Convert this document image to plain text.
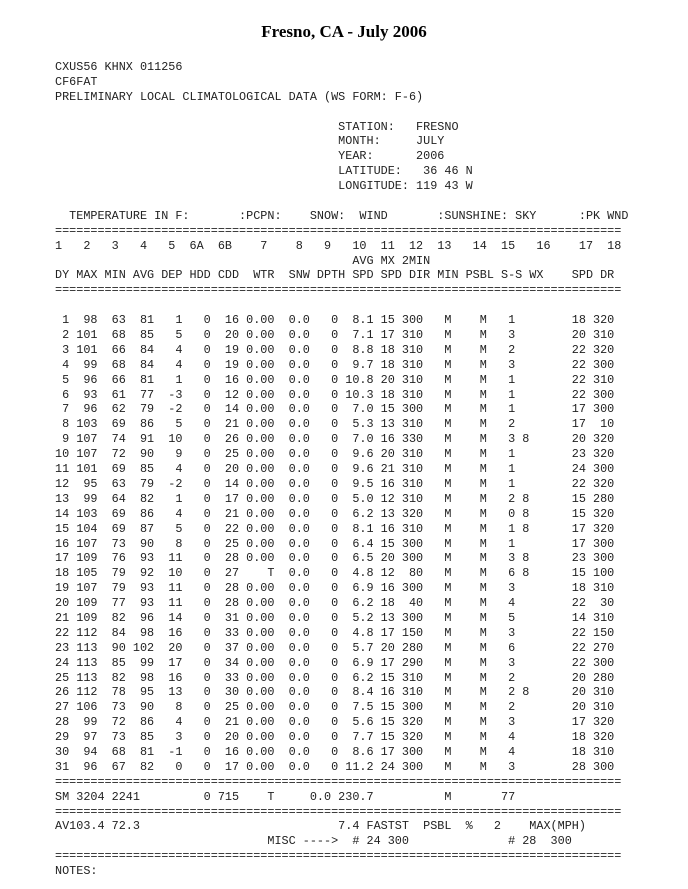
Fresno, CA - July 2006
CXUS56 KHNX 011256
CF6FAT
PRELIMINARY LOCAL CLIMATOLOGICAL DATA (WS FORM: F-6)
STATION:   FRESNO
MONTH:     JULY
YEAR:      2006
LATITUDE:   36 46 N
LONGITUDE: 119 43 W
TEMPERATURE IN F:       :PCPN:    SNOW:  WIND       :SUNSHINE: SKY      :PK WND
================================================================================
1   2   3   4   5  6A  6B    7    8   9   10  11  12  13   14  15   16    17  18
AVG MX 2MIN
DY MAX MIN AVG DEP HDD CDD  WTR  SNW DPTH SPD SPD DIR MIN PSBL S-S WX    SPD DR
================================================================================
1  98  63  81   1   0  16 0.00  0.0   0  8.1 15 300   M    M   1        18 320
2 101  68  85   5   0  20 0.00  0.0   0  7.1 17 310   M    M   3        20 310
3 101  66  84   4   0  19 0.00  0.0   0  8.8 18 310   M    M   2        22 320
4  99  68  84   4   0  19 0.00  0.0   0  9.7 18 310   M    M   3        22 300
5  96  66  81   1   0  16 0.00  0.0   0 10.8 20 310   M    M   1        22 310
6  93  61  77  -3   0  12 0.00  0.0   0 10.3 18 310   M    M   1        22 300
7  96  62  79  -2   0  14 0.00  0.0   0  7.0 15 300   M    M   1        17 300
8 103  69  86   5   0  21 0.00  0.0   0  5.3 13 310   M    M   2        17  10
9 107  74  91  10   0  26 0.00  0.0   0  7.0 16 330   M    M   3 8      20 320
10 107  72  90   9   0  25 0.00  0.0   0  9.6 20 310   M    M   1        23 320
11 101  69  85   4   0  20 0.00  0.0   0  9.6 21 310   M    M   1        24 300
12  95  63  79  -2   0  14 0.00  0.0   0  9.5 16 310   M    M   1        22 320
13  99  64  82   1   0  17 0.00  0.0   0  5.0 12 310   M    M   2 8      15 280
14 103  69  86   4   0  21 0.00  0.0   0  6.2 13 320   M    M   0 8      15 320
15 104  69  87   5   0  22 0.00  0.0   0  8.1 16 310   M    M   1 8      17 320
16 107  73  90   8   0  25 0.00  0.0   0  6.4 15 300   M    M   1        17 300
17 109  76  93  11   0  28 0.00  0.0   0  6.5 20 300   M    M   3 8      23 300
18 105  79  92  10   0  27    T  0.0   0  4.8 12  80   M    M   6 8      15 100
19 107  79  93  11   0  28 0.00  0.0   0  6.9 16 300   M    M   3        18 310
20 109  77  93  11   0  28 0.00  0.0   0  6.2 18  40   M    M   4        22  30
21 109  82  96  14   0  31 0.00  0.0   0  5.2 13 300   M    M   5        14 310
22 112  84  98  16   0  33 0.00  0.0   0  4.8 17 150   M    M   3        22 150
23 113  90 102  20   0  37 0.00  0.0   0  5.7 20 280   M    M   6        22 270
24 113  85  99  17   0  34 0.00  0.0   0  6.9 17 290   M    M   3        22 300
25 113  82  98  16   0  33 0.00  0.0   0  6.2 15 310   M    M   2        20 280
26 112  78  95  13   0  30 0.00  0.0   0  8.4 16 310   M    M   2 8      20 310
27 106  73  90   8   0  25 0.00  0.0   0  7.5 15 300   M    M   2        20 310
28  99  72  86   4   0  21 0.00  0.0   0  5.6 15 320   M    M   3        17 320
29  97  73  85   3   0  20 0.00  0.0   0  7.7 15 320   M    M   4        18 320
30  94  68  81  -1   0  16 0.00  0.0   0  8.6 17 300   M    M   4        18 310
31  96  67  82   0   0  17 0.00  0.0   0 11.2 24 300   M    M   3        28 300
================================================================================
SM 3204 2241         0 715    T     0.0 230.7          M       77
================================================================================
AV103.4 72.3                            7.4 FASTST  PSBL  %   2    MAX(MPH)
MISC ---->  # 24 300              # 28  300
================================================================================
NOTES:
